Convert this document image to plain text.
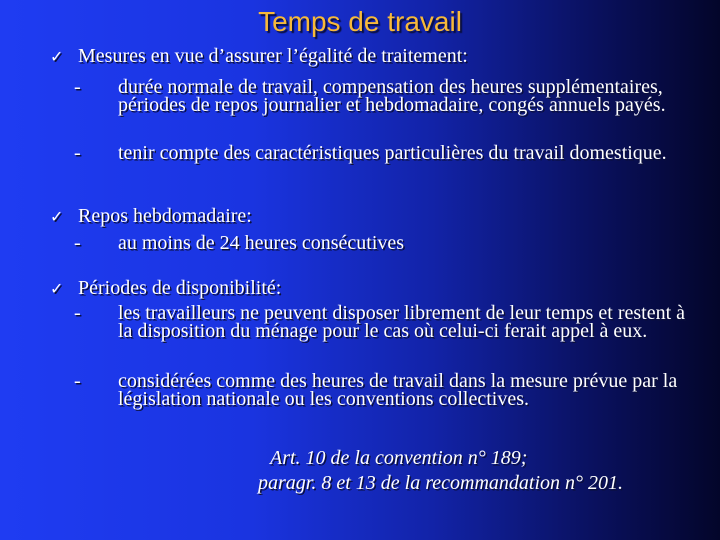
Temps de travail
✓ Mesures en vue d’assurer l’égalité de traitement:
- durée normale de travail, compensation des heures supplémentaires, périodes de repos journalier et hebdomadaire, congés annuels payés.
- tenir compte des caractéristiques particulières du travail domestique.
✓ Repos hebdomadaire:
- au moins de 24 heures consécutives
✓ Périodes de disponibilité:
- les travailleurs ne peuvent disposer librement de leur temps et restent à la disposition du ménage pour le cas où celui-ci ferait appel à eux.
- considérées comme des heures de travail dans la mesure prévue par la législation nationale ou les conventions collectives.
Art. 10 de la convention n° 189;
paragr. 8 et 13 de la recommandation n° 201.
